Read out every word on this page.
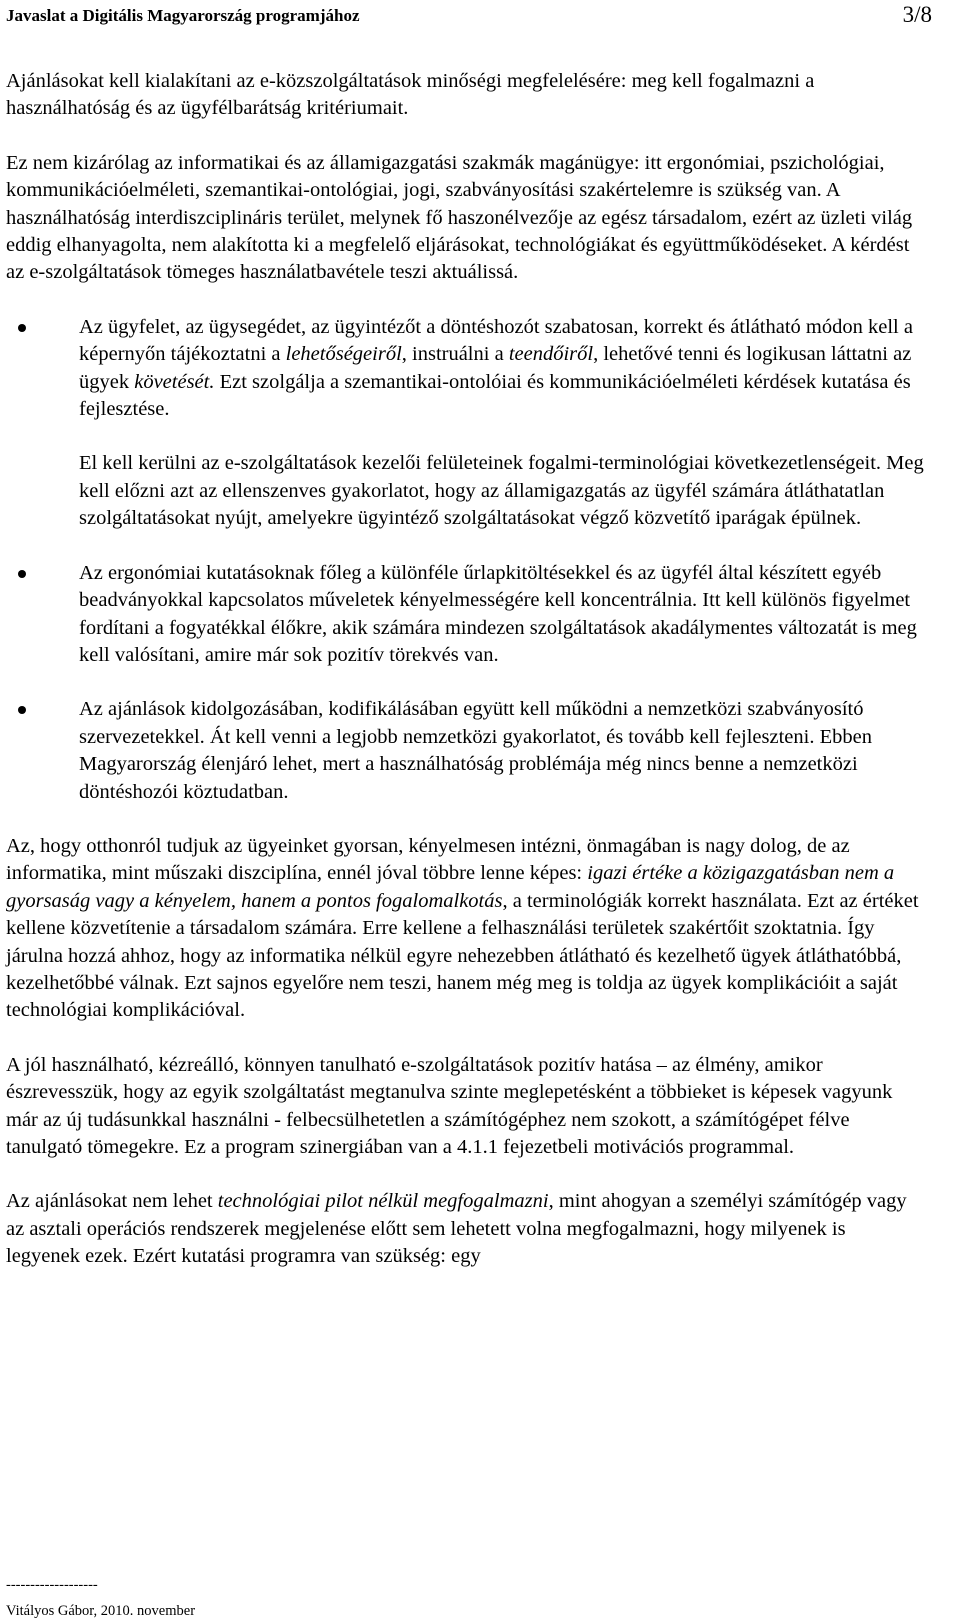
Javaslat a Digitális Magyarország programjához	3/8

Ajánlásokat kell kialakítani az e-közszolgáltatások minőségi megfelelésére: meg kell fogalmazni a használhatóság és az ügyfélbarátság kritériumait.

Ez nem kizárólag az informatikai és az államigazgatási szakmák magánügye: itt ergonómiai, pszichológiai, kommunikációelméleti, szemantikai-ontológiai, jogi, szabványosítási szakértelemre is szükség van. A használhatóság interdiszciplináris terület, melynek fő haszonélvezője az egész társadalom, ezért az üzleti világ eddig elhanyagolta, nem alakította ki a megfelelő eljárásokat, technológiákat és együttműködéseket. A kérdést az e-szolgáltatások tömeges használatbavétele teszi aktuálissá.

Az ügyfelet, az ügysegédet, az ügyintézőt a döntéshozót szabatosan, korrekt és átlátható módon kell a képernyőn tájékoztatni a lehetőségeiről, instruálni a teendőiről, lehetővé tenni és logikusan láttatni az ügyek követését. Ezt szolgálja a szemantikai-ontolóiai és kommunikációelméleti kérdések kutatása és fejlesztése.

El kell kerülni az e-szolgáltatások kezelői felületeinek fogalmi-terminológiai következetlenségeit. Meg kell előzni azt az ellenszenves gyakorlatot, hogy az államigazgatás az ügyfél számára átláthatatlan szolgáltatásokat nyújt, amelyekre ügyintéző szolgáltatásokat végző közvetítő iparágak épülnek.

Az ergonómiai kutatásoknak főleg a különféle űrlapkitöltésekkel és az ügyfél által készített egyéb beadványokkal kapcsolatos műveletek kényelmességére kell koncentrálnia. Itt kell különös figyelmet fordítani a fogyatékkal élőkre, akik számára mindezen szolgáltatások akadálymentes változatát is meg kell valósítani, amire már sok pozitív törekvés van.

Az ajánlások kidolgozásában, kodifikálásában együtt kell működni a nemzetközi szabványosító szervezetekkel. Át kell venni a legjobb nemzetközi gyakorlatot, és tovább kell fejleszteni. Ebben Magyarország élenjáró lehet, mert a használhatóság problémája még nincs benne a nemzetközi döntéshozói köztudatban.

Az, hogy otthonról tudjuk az ügyeinket gyorsan, kényelmesen intézni, önmagában is nagy dolog, de az informatika, mint műszaki diszciplína, ennél jóval többre lenne képes: igazi értéke a közigazgatásban nem a gyorsaság vagy a kényelem, hanem a pontos fogalomalkotás, a terminológiák korrekt használata. Ezt az értéket kellene közvetítenie a társadalom számára. Erre kellene a felhasználási területek szakértőit szoktatnia. Így járulna hozzá ahhoz, hogy az informatika nélkül egyre nehezebben átlátható és kezelhető ügyek átláthatóbbá, kezelhetőbbé válnak. Ezt sajnos egyelőre nem teszi, hanem még meg is toldja az ügyek komplikációit a saját technológiai komplikációval.

A jól használható, kézreálló, könnyen tanulható e-szolgáltatások pozitív hatása – az élmény, amikor észrevesszük, hogy az egyik szolgáltatást megtanulva szinte meglepetésként a többieket is képesek vagyunk már az új tudásunkkal használni - felbecsülhetetlen a számítógéphez nem szokott, a számítógépet félve tanulgató tömegekre. Ez a program szinergiában van a 4.1.1 fejezetbeli motivációs programmal.

Az ajánlásokat nem lehet technológiai pilot nélkül megfogalmazni, mint ahogyan a személyi számítógép vagy az asztali operációs rendszerek megjelenése előtt sem lehetett volna megfogalmazni, hogy milyenek is legyenek ezek. Ezért kutatási programra van szükség: egy

-------------------
Vitályos Gábor, 2010. november
